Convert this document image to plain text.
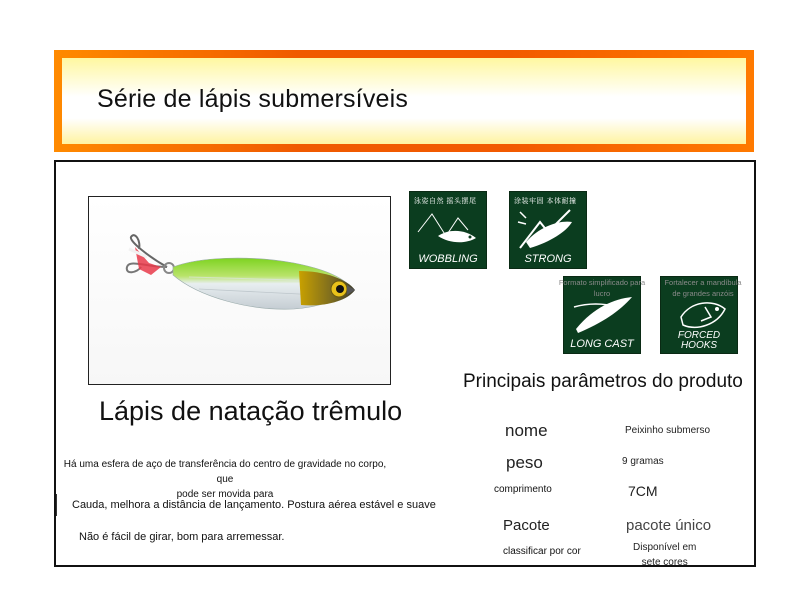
Série de lápis submersíveis
Lápis de natação trêmulo
Há uma esfera de aço de transferência do centro de gravidade no corpo, que
pode ser movida para
Cauda, ​​melhora a distância de lançamento. Postura aérea estável e suave
Não é fácil de girar, bom para arremessar.
泳姿自然 摇头摆尾
WOBBLING
涂装牢固 本体耐撞
STRONG
LONG CAST
Formato simplificado para
lucro
FORCED
HOOKS
Fortalecer a mandíbula
de grandes anzóis
Principais parâmetros do produto
nome	Peixinho submerso
peso	9 gramas
comprimento	7CM
Pacote	pacote único
classificar por cor	Disponível em
sete cores
